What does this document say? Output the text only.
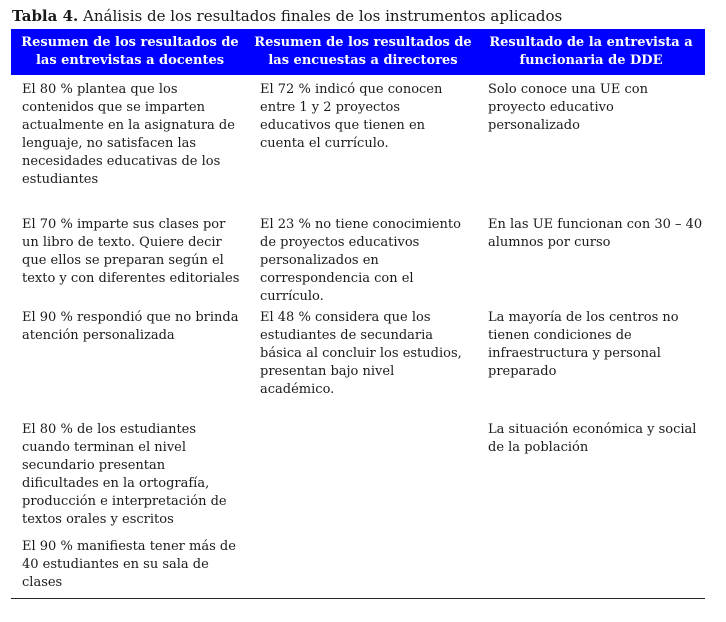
Tabla 4. Análisis de los resultados finales de los instrumentos aplicados
Resumen de los resultados de las entrevistas a docentes
Resumen de los resultados de las encuestas a directores
Resultado de la entrevista a funcionaria de DDE
El 80 % plantea que los contenidos que se imparten actualmente en la asignatura de lenguaje, no satisfacen las necesidades educativas de los estudiantes
El 72 % indicó que conocen entre 1 y 2 proyectos educativos que tienen en cuenta el currículo.
Solo conoce una UE con proyecto educativo personalizado
El 70 % imparte sus clases por un libro de texto. Quiere decir que ellos se preparan según el texto y con diferentes editoriales
El 23 % no tiene conocimiento de proyectos educativos personalizados en correspondencia con el currículo.
En las UE funcionan con 30 – 40 alumnos por curso
El 90 % respondió que no brinda atención personalizada
El 48 % considera que los estudiantes de secundaria básica al concluir los estudios, presentan bajo nivel académico.
La mayoría de los centros no tienen condiciones de infraestructura y personal preparado
El 80 % de los estudiantes cuando terminan el nivel secundario presentan dificultades en la ortografía, producción e interpretación de textos orales y escritos
La situación económica y social de la población
El 90 % manifiesta tener más de 40 estudiantes en su sala de clases
